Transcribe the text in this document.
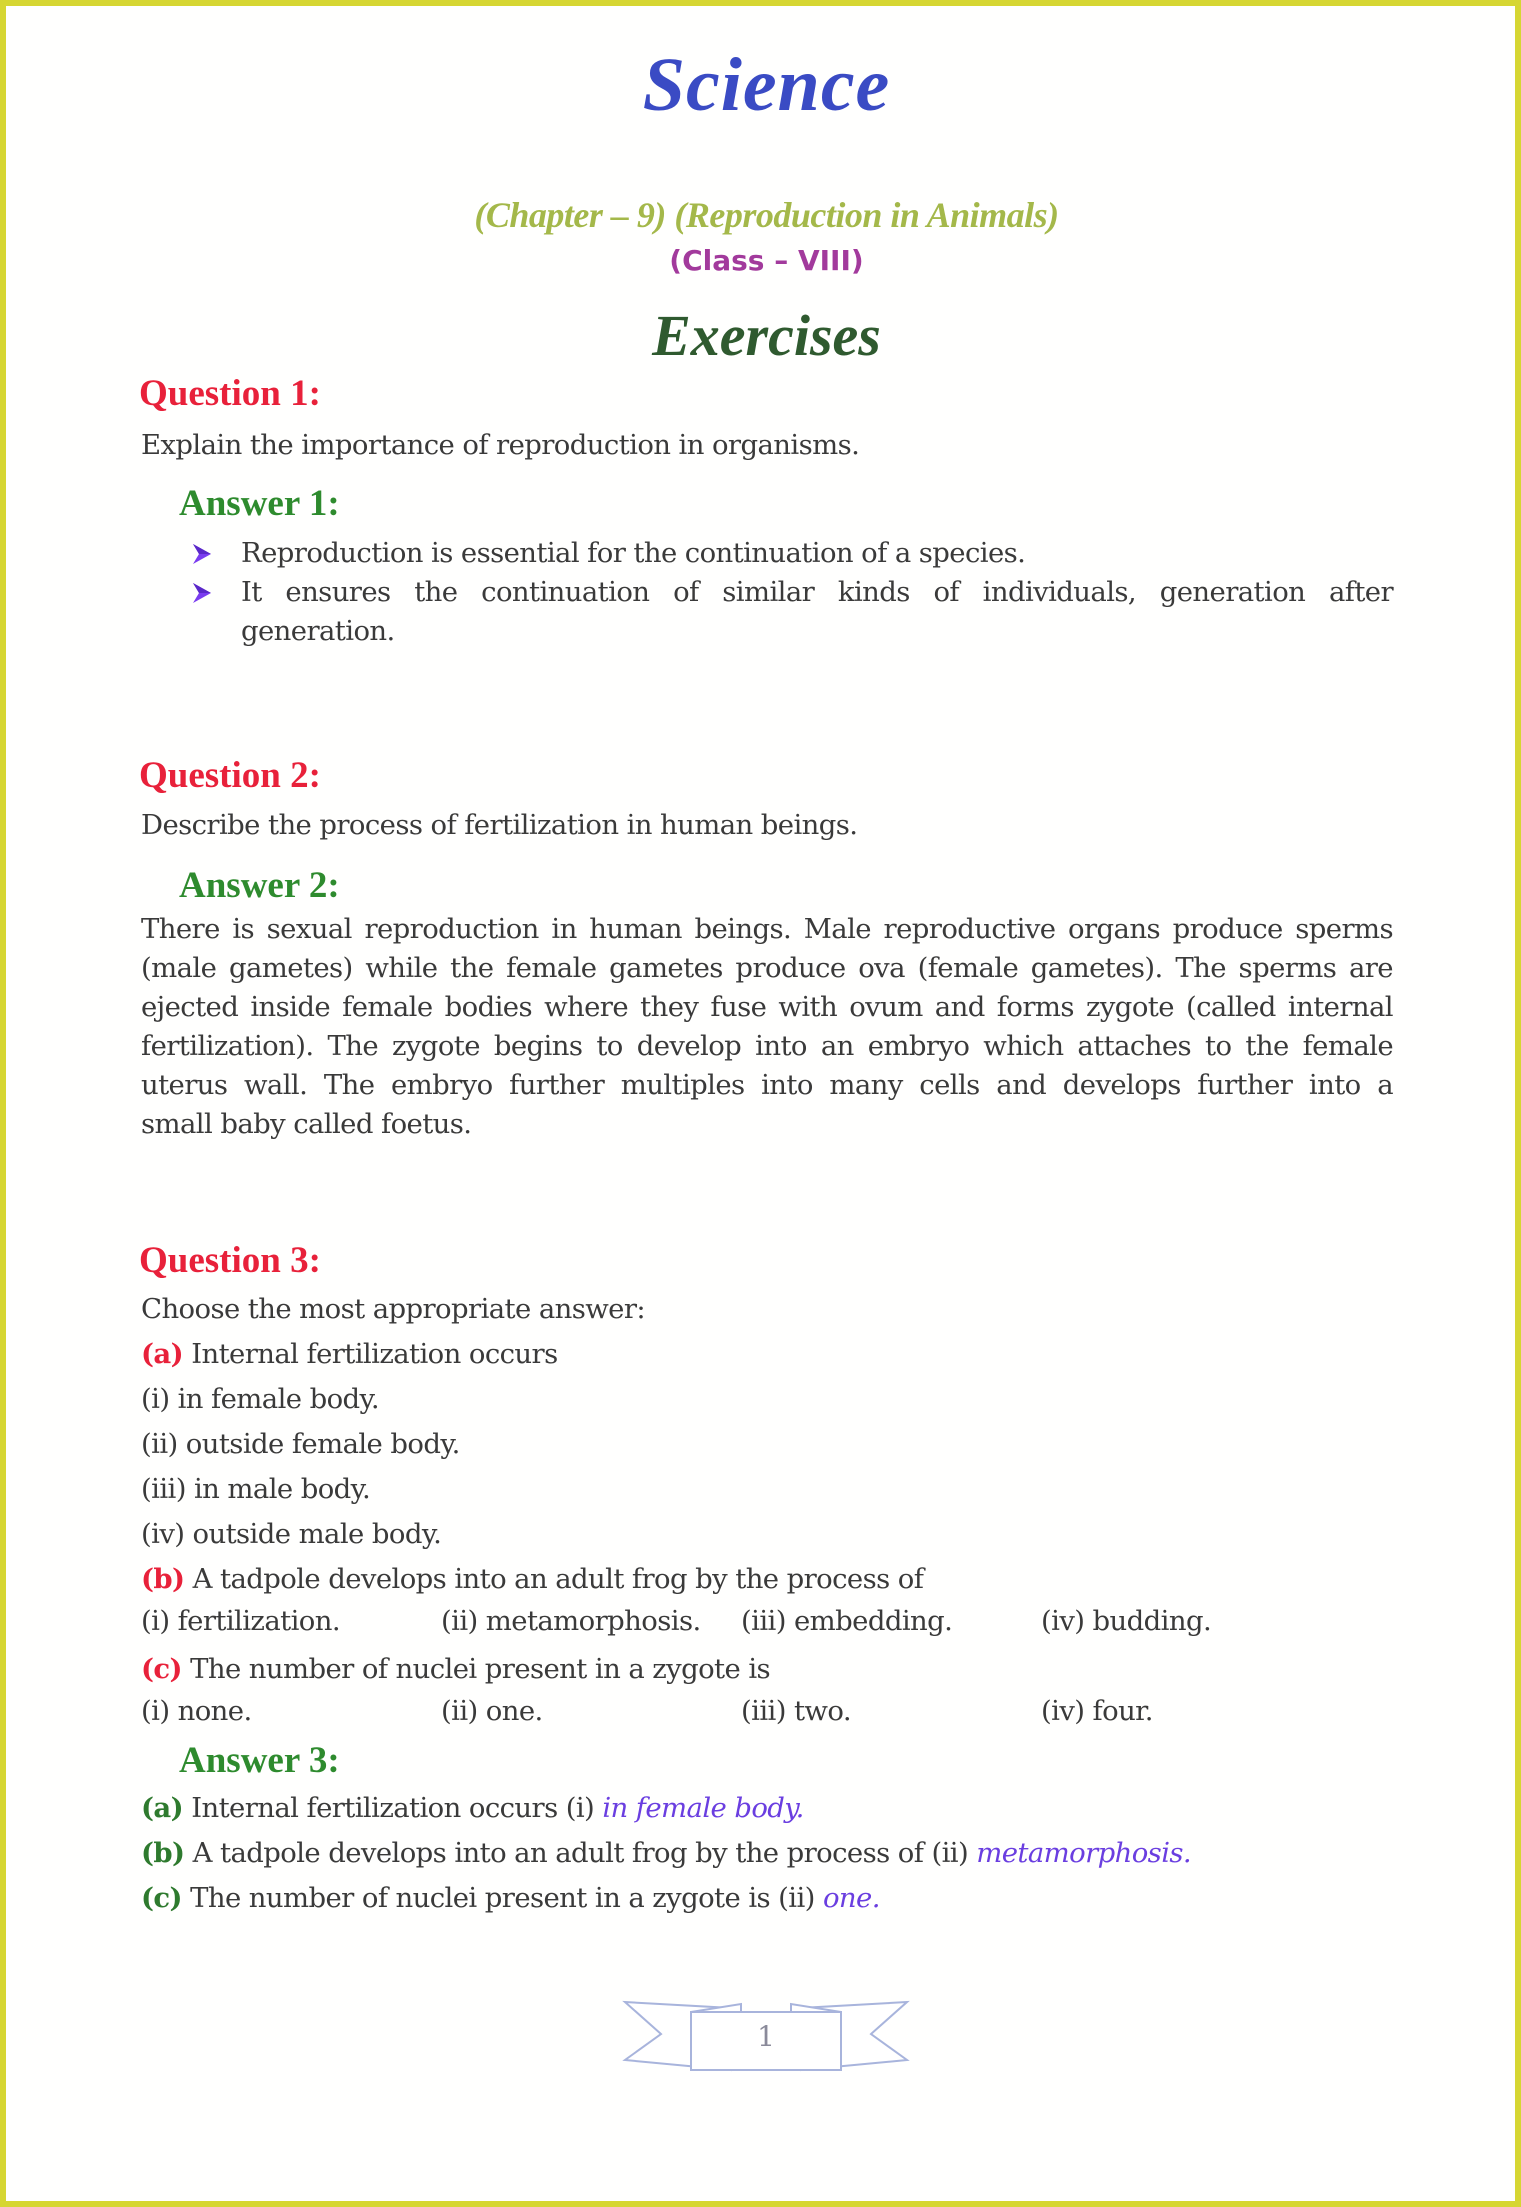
Science
(Chapter – 9) (Reproduction in Animals)
(Class – VIII)
Exercises
Question 1:
Explain the importance of reproduction in organisms.
Answer 1:
Reproduction is essential for the continuation of a species.
It ensures the continuation of similar kinds of individuals, generation after
generation.
Question 2:
Describe the process of fertilization in human beings.
Answer 2:
There is sexual reproduction in human beings. Male reproductive organs produce sperms
(male gametes) while the female gametes produce ova (female gametes). The sperms are
ejected inside female bodies where they fuse with ovum and forms zygote (called internal
fertilization). The zygote begins to develop into an embryo which attaches to the female
uterus wall. The embryo further multiples into many cells and develops further into a
small baby called foetus.
Question 3:
Choose the most appropriate answer:
(a) Internal fertilization occurs
(i) in female body.
(ii) outside female body.
(iii) in male body.
(iv) outside male body.
(b) A tadpole develops into an adult frog by the process of
(i) fertilization.	(ii) metamorphosis. (iii) embedding.	(iv) budding.
(c) The number of nuclei present in a zygote is
(i) none.	(ii) one.	(iii) two.	(iv) four.
Answer 3:
(a) Internal fertilization occurs (i) in female body.
(b) A tadpole develops into an adult frog by the process of (ii) metamorphosis.
(c) The number of nuclei present in a zygote is (ii) one.
1
